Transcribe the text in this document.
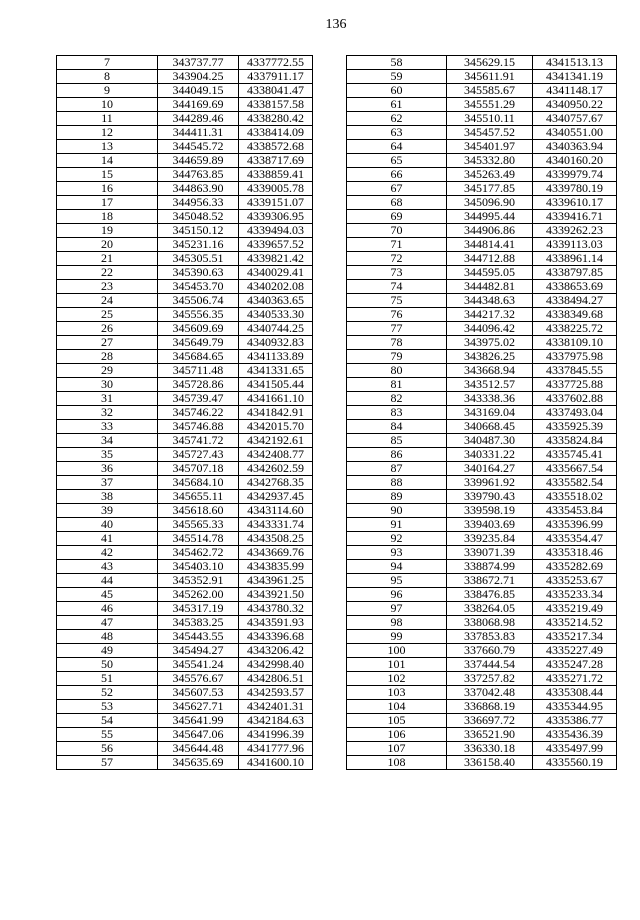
136
7	343737.77	4337772.55
8	343904.25	4337911.17
9	344049.15	4338041.47
10	344169.69	4338157.58
11	344289.46	4338280.42
12	344411.31	4338414.09
13	344545.72	4338572.68
14	344659.89	4338717.69
15	344763.85	4338859.41
16	344863.90	4339005.78
17	344956.33	4339151.07
18	345048.52	4339306.95
19	345150.12	4339494.03
20	345231.16	4339657.52
21	345305.51	4339821.42
22	345390.63	4340029.41
23	345453.70	4340202.08
24	345506.74	4340363.65
25	345556.35	4340533.30
26	345609.69	4340744.25
27	345649.79	4340932.83
28	345684.65	4341133.89
29	345711.48	4341331.65
30	345728.86	4341505.44
31	345739.47	4341661.10
32	345746.22	4341842.91
33	345746.88	4342015.70
34	345741.72	4342192.61
35	345727.43	4342408.77
36	345707.18	4342602.59
37	345684.10	4342768.35
38	345655.11	4342937.45
39	345618.60	4343114.60
40	345565.33	4343331.74
41	345514.78	4343508.25
42	345462.72	4343669.76
43	345403.10	4343835.99
44	345352.91	4343961.25
45	345262.00	4343921.50
46	345317.19	4343780.32
47	345383.25	4343591.93
48	345443.55	4343396.68
49	345494.27	4343206.42
50	345541.24	4342998.40
51	345576.67	4342806.51
52	345607.53	4342593.57
53	345627.71	4342401.31
54	345641.99	4342184.63
55	345647.06	4341996.39
56	345644.48	4341777.96
57	345635.69	4341600.10
58	345629.15	4341513.13
59	345611.91	4341341.19
60	345585.67	4341148.17
61	345551.29	4340950.22
62	345510.11	4340757.67
63	345457.52	4340551.00
64	345401.97	4340363.94
65	345332.80	4340160.20
66	345263.49	4339979.74
67	345177.85	4339780.19
68	345096.90	4339610.17
69	344995.44	4339416.71
70	344906.86	4339262.23
71	344814.41	4339113.03
72	344712.88	4338961.14
73	344595.05	4338797.85
74	344482.81	4338653.69
75	344348.63	4338494.27
76	344217.32	4338349.68
77	344096.42	4338225.72
78	343975.02	4338109.10
79	343826.25	4337975.98
80	343668.94	4337845.55
81	343512.57	4337725.88
82	343338.36	4337602.88
83	343169.04	4337493.04
84	340668.45	4335925.39
85	340487.30	4335824.84
86	340331.22	4335745.41
87	340164.27	4335667.54
88	339961.92	4335582.54
89	339790.43	4335518.02
90	339598.19	4335453.84
91	339403.69	4335396.99
92	339235.84	4335354.47
93	339071.39	4335318.46
94	338874.99	4335282.69
95	338672.71	4335253.67
96	338476.85	4335233.34
97	338264.05	4335219.49
98	338068.98	4335214.52
99	337853.83	4335217.34
100	337660.79	4335227.49
101	337444.54	4335247.28
102	337257.82	4335271.72
103	337042.48	4335308.44
104	336868.19	4335344.95
105	336697.72	4335386.77
106	336521.90	4335436.39
107	336330.18	4335497.99
108	336158.40	4335560.19
